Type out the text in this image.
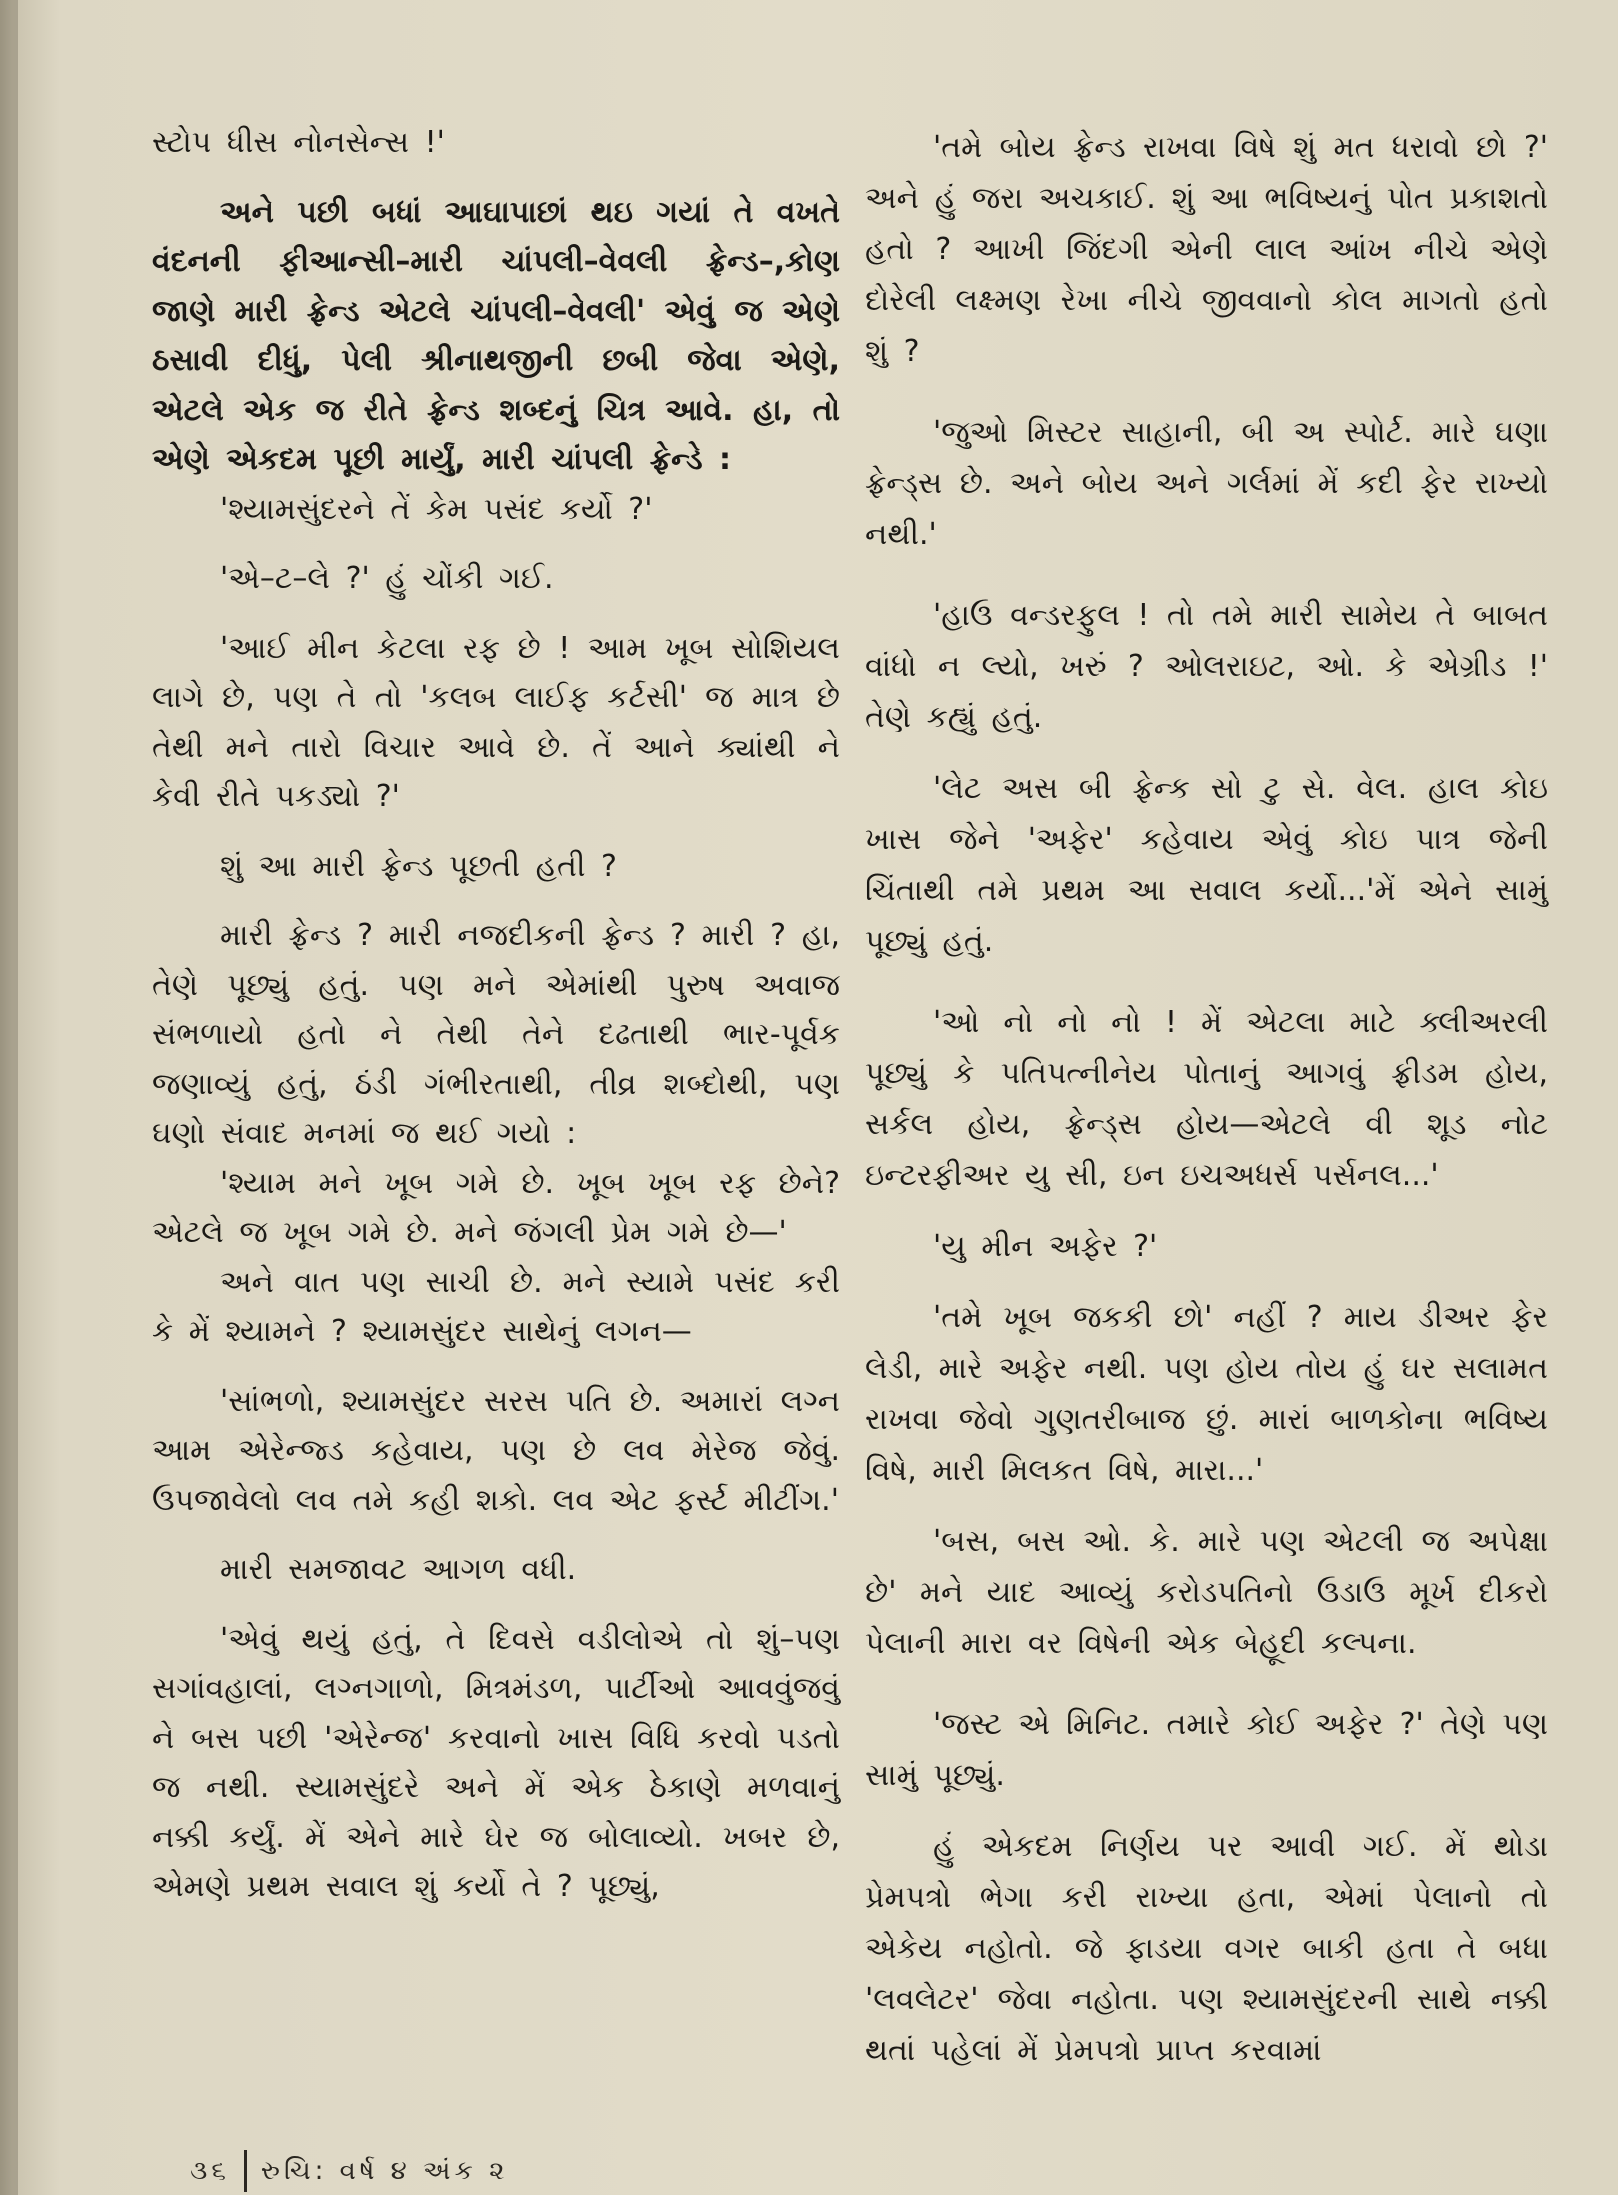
સ્ટોપ ધીસ નોનસેન્સ !'

અને પછી બધાં આઘાપાછાં થઇ ગયાં તે વખતે વંદનની ફીઆન્સી–મારી ચાંપલી–વેવલી ફ્રેન્ડ–,કોણ જાણે મારી ફ્રેન્ડ એટલે ચાંપલી–વેવલી' એવું જ એણે ઠસાવી દીધું, પેલી શ્રીનાથજીની છબી જેવા એણે, એટલે એક જ રીતે ફ્રેન્ડ શબ્દનું ચિત્ર આવે. હા, તો એણે એકદમ પૂછી માર્યું, મારી ચાંપલી ફ્રેન્ડે :

'શ્યામસુંદરને તેં કેમ પસંદ કર્યો ?'

'એ–ટ–લે ?' હું ચોંકી ગઈ.

'આઈ મીન કેટલા રફ છે ! આમ ખૂબ સોશિયલ લાગે છે, પણ તે તો 'કલબ લાઈફ કર્ટસી' જ માત્ર છે તેથી મને તારો વિચાર આવે છે. તેં આને ક્યાંથી ને કેવી રીતે પકડ્યો ?'

શું આ મારી ફ્રેન્ડ પૂછતી હતી ?

મારી ફ્રેન્ડ ? મારી નજદીકની ફ્રેન્ડ ? મારી ? હા, તેણે પૂછ્યું હતું. પણ મને એમાંથી પુરુષ અવાજ સંભળાયો હતો ને તેથી તેને દઢતાથી ભાર-પૂર્વક જણાવ્યું હતું, ઠંડી ગંભીરતાથી, તીવ્ર શબ્દોથી, પણ ઘણો સંવાદ મનમાં જ થઈ ગયો :

'શ્યામ મને ખૂબ ગમે છે. ખૂબ ખૂબ રફ છેને? એટલે જ ખૂબ ગમે છે. મને જંગલી પ્રેમ ગમે છે—'

અને વાત પણ સાચી છે. મને સ્યામે પસંદ કરી કે મેં શ્યામને ? શ્યામસુંદર સાથેનું લગન—

'સાંભળો, શ્યામસુંદર સરસ પતિ છે. અમારાં લગ્ન આમ એરેન્જ્ડ કહેવાય, પણ છે લવ મેરેજ જેવું. ઉપજાવેલો લવ તમે કહી શકો. લવ એટ ફર્સ્ટ મીટીંગ.'

મારી સમજાવટ આગળ વધી.

'એવું થયું હતું, તે દિવસે વડીલોએ તો શું–પણ સગાંવહાલાં, લગ્નગાળો, મિત્રમંડળ, પાર્ટીઓ આવવુંજવું ને બસ પછી 'એરેન્જ' કરવાનો ખાસ વિધિ કરવો પડતો જ નથી. સ્યામસુંદરે અને મેં એક ઠેકાણે મળવાનું નક્કી કર્યું. મેં એને મારે ઘેર જ બોલાવ્યો. ખબર છે, એમણે પ્રથમ સવાલ શું કર્યો તે ? પૂછ્યું,

'તમે બોય ફ્રેન્ડ રાખવા વિષે શું મત ધરાવો છો ?' અને હું જરા અચકાઈ. શું આ ભવિષ્યનું પોત પ્રકાશતો હતો ? આખી જિંદગી એની લાલ આંખ નીચે એણે દોરેલી લક્ષ્મણ રેખા નીચે જીવવાનો કોલ માગતો હતો શું ?

'જુઓ મિસ્ટર સાહાની, બી અ સ્પોર્ટ. મારે ઘણા ફ્રેન્ડ્સ છે. અને બોય અને ગર્લમાં મેં કદી ફેર રાખ્યો નથી.'

'હાઉ વન્ડરફુલ ! તો તમે મારી સામેય તે બાબત વાંધો ન લ્યો, ખરું ? ઓલરાઇટ, ઓ. કે એગ્રીડ !' તેણે કહ્યું હતું.

'લેટ અસ બી ફ્રેન્ક સો ટુ સે. વેલ. હાલ કોઇ ખાસ જેને 'અફેર' કહેવાય એવું કોઇ પાત્ર જેની ચિંતાથી તમે પ્રથમ આ સવાલ કર્યો...'મેં એને સામું પૂછ્યું હતું.

'ઓ નો નો નો ! મેં એટલા માટે ક્લીઅરલી પૂછ્યું કે પતિપત્નીનેય પોતાનું આગવું ફ્રીડમ હોય, સર્કલ હોય, ફ્રેન્ડ્સ હોય—એટલે વી શૂડ નોટ ઇન્ટરફીઅર યુ સી, ઇન ઇચઅધર્સ પર્સનલ...'

'યુ મીન અફેર ?'

'તમે ખૂબ જકકી છો' નહીં ? માય ડીઅર ફેર લેડી, મારે અફેર નથી. પણ હોય તોય હું ઘર સલામત રાખવા જેવો ગુણતરીબાજ છું. મારાં બાળકોના ભવિષ્ય વિષે, મારી મિલકત વિષે, મારા...'

'બસ, બસ ઓ. કે. મારે પણ એટલી જ અપેક્ષા છે' મને યાદ આવ્યું કરોડપતિનો ઉડાઉ મૂર્ખ દીકરો પેલાની મારા વર વિષેની એક બેહૂદી કલ્પના.

'જસ્ટ એ મિનિટ. તમારે કોઈ અફેર ?' તેણે પણ સામું પૂછ્યું.

હું એકદમ નિર્ણય પર આવી ગઈ. મેં થોડા પ્રેમપત્રો ભેગા કરી રાખ્યા હતા, એમાં પેલાનો તો એકેય નહોતો. જે ફાડયા વગર બાકી હતા તે બધા 'લવલેટર' જેવા નહોતા. પણ શ્યામસુંદરની સાથે નક્કી થતાં પહેલાં મેં પ્રેમપત્રો પ્રાપ્ત કરવામાં

૩૬ રુચિ: વર્ષ ૪ અંક ૨
